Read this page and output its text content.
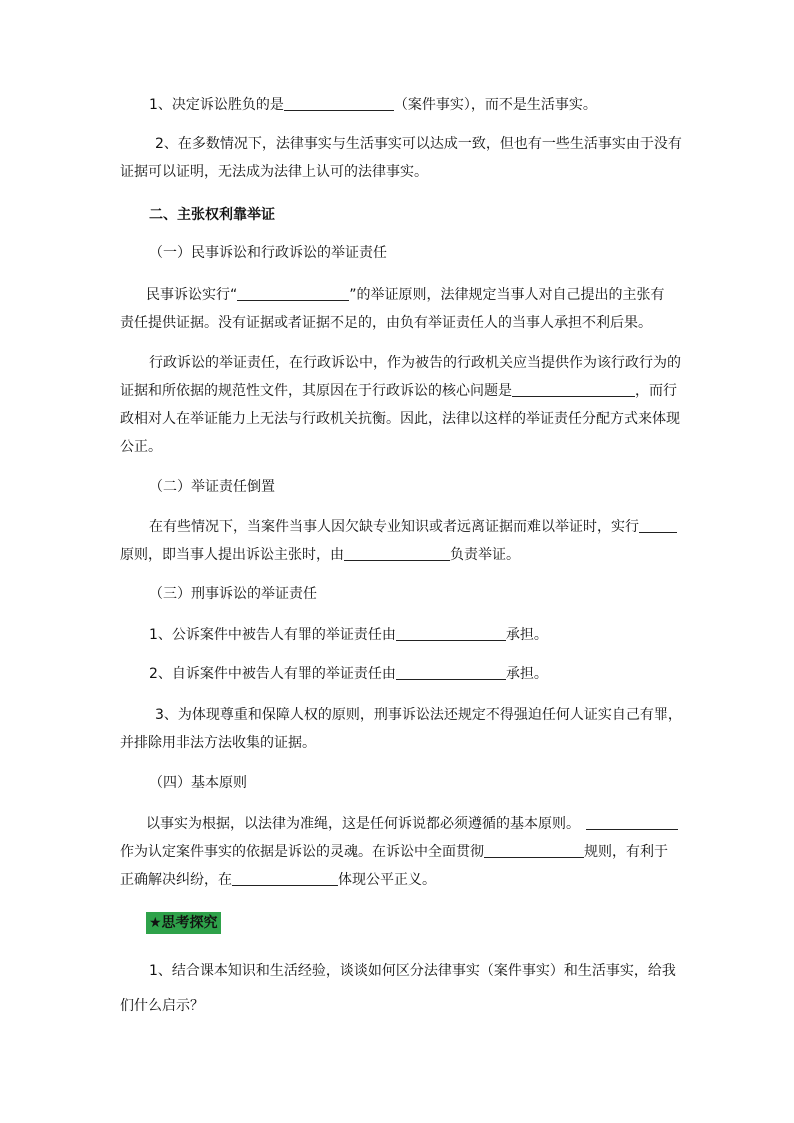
1、决定诉讼胜负的是	（案件事实），而不是生活事实。
2、在多数情况下，法律事实与生活事实可以达成一致，但也有一些生活事实由于没有
证据可以证明，无法成为法律上认可的法律事实。
二、主张权利靠举证
（一）民事诉讼和行政诉讼的举证责任
民事诉讼实行“	”的举证原则，法律规定当事人对自己提出的主张有
责任提供证据。没有证据或者证据不足的，由负有举证责任人的当事人承担不利后果。
行政诉讼的举证责任，在行政诉讼中，作为被告的行政机关应当提供作为该行政行为的
证据和所依据的规范性文件，其原因在于行政诉讼的核心问题是	，而行
政相对人在举证能力上无法与行政机关抗衡。因此，法律以这样的举证责任分配方式来体现
公正。
（二）举证责任倒置
在有些情况下，当案件当事人因欠缺专业知识或者远离证据而难以举证时，实行
原则，即当事人提出诉讼主张时，由	负责举证。
（三）刑事诉讼的举证责任
1、公诉案件中被告人有罪的举证责任由	承担。
2、自诉案件中被告人有罪的举证责任由	承担。
3、为体现尊重和保障人权的原则，刑事诉讼法还规定不得强迫任何人证实自己有罪，
并排除用非法方法收集的证据。
（四）基本原则
以事实为根据，以法律为准绳，这是任何诉说都必须遵循的基本原则。
作为认定案件事实的依据是诉讼的灵魂。在诉讼中全面贯彻	规则，有利于
正确解决纠纷，在	体现公平正义。
★思考探究
1、结合课本知识和生活经验，谈谈如何区分法律事实（案件事实）和生活事实，给我
们什么启示？
